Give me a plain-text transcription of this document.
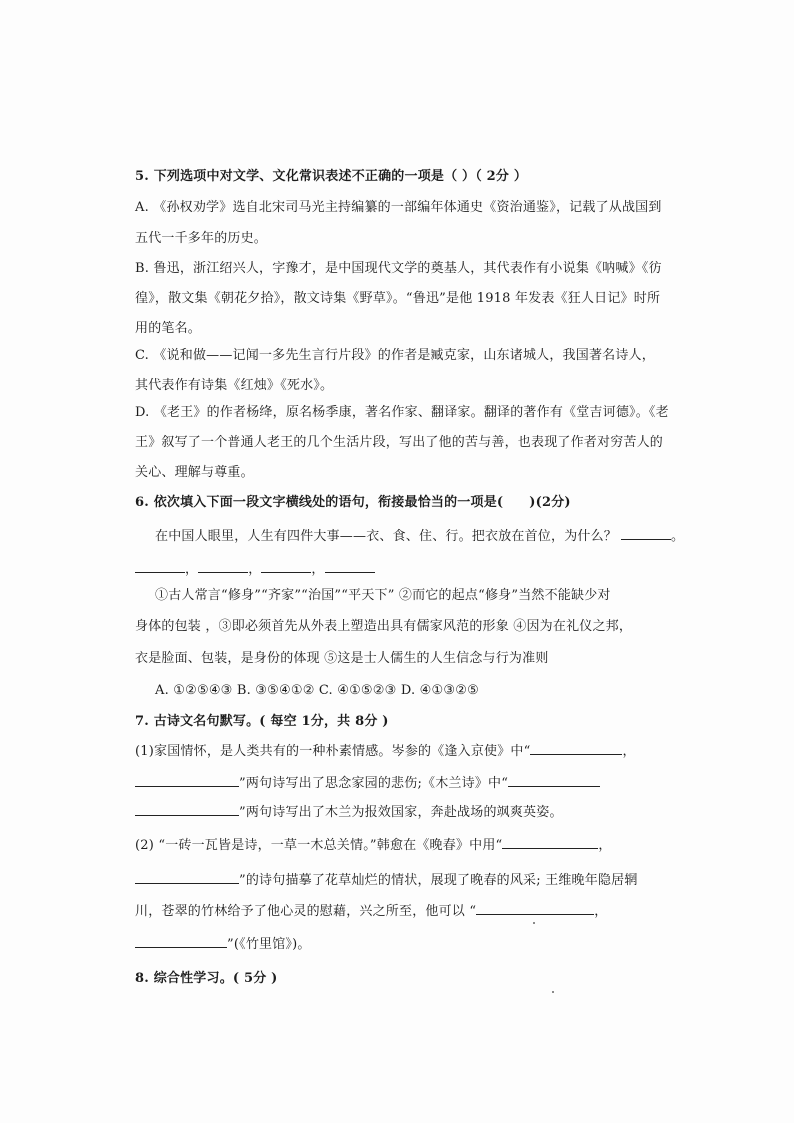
5. 下列选项中对文学、文化常识表述不正确的一项是（ ）（ 2分 ）
A. 《孙权劝学》选自北宋司马光主持编纂的一部编年体通史《资治通鉴》，记载了从战国到
五代一千多年的历史。
B. 鲁迅，浙江绍兴人，字豫才，是中国现代文学的奠基人，其代表作有小说集《呐喊》《彷
徨》，散文集《朝花夕拾》，散文诗集《野草》。“鲁迅”是他 1918 年发表《狂人日记》时所
用的笔名。
C. 《说和做——记闻一多先生言行片段》的作者是臧克家，山东诸城人，我国著名诗人，
其代表作有诗集《红烛》《死水》。
D. 《老王》的作者杨绛，原名杨季康，著名作家、翻译家。翻译的著作有《堂吉诃德》。《老
王》叙写了一个普通人老王的几个生活片段，写出了他的苦与善，也表现了作者对穷苦人的
关心、理解与尊重。
6. 依次填入下面一段文字横线处的语句，衔接最恰当的一项是( )(2分)
在中国人眼里，人生有四件大事——衣、食、住、行。把衣放在首位，为什么？	。
，	，	，
①古人常言“修身”“齐家”“治国”“平天下” ②而它的起点“修身”当然不能缺少对
身体的包装 ，③即必须首先从外表上塑造出具有儒家风范的形象 ④因为在礼仪之邦，
衣是脸面、包装，是身份的体现 ⑤这是士人儒生的人生信念与行为准则
A. ①②⑤④③ B. ③⑤④①② C. ④①⑤②③ D. ④①③②⑤
7. 古诗文名句默写。( 每空 1分，共 8分 )
(1)家国情怀，是人类共有的一种朴素情感。岑参的《逢入京使》中“	，
”两句诗写出了思念家园的悲伤;《木兰诗》中“
”两句诗写出了木兰为报效国家，奔赴战场的飒爽英姿。
(2) “一砖一瓦皆是诗，一草一木总关情。”韩愈在《晚春》中用“	，
”的诗句描摹了花草灿烂的情状，展现了晚春的风采; 王维晚年隐居辋
川，苍翠的竹林给予了他心灵的慰藉，兴之所至，他可以 “	，
”(《竹里馆》)。
8. 综合性学习。( 5分 )
